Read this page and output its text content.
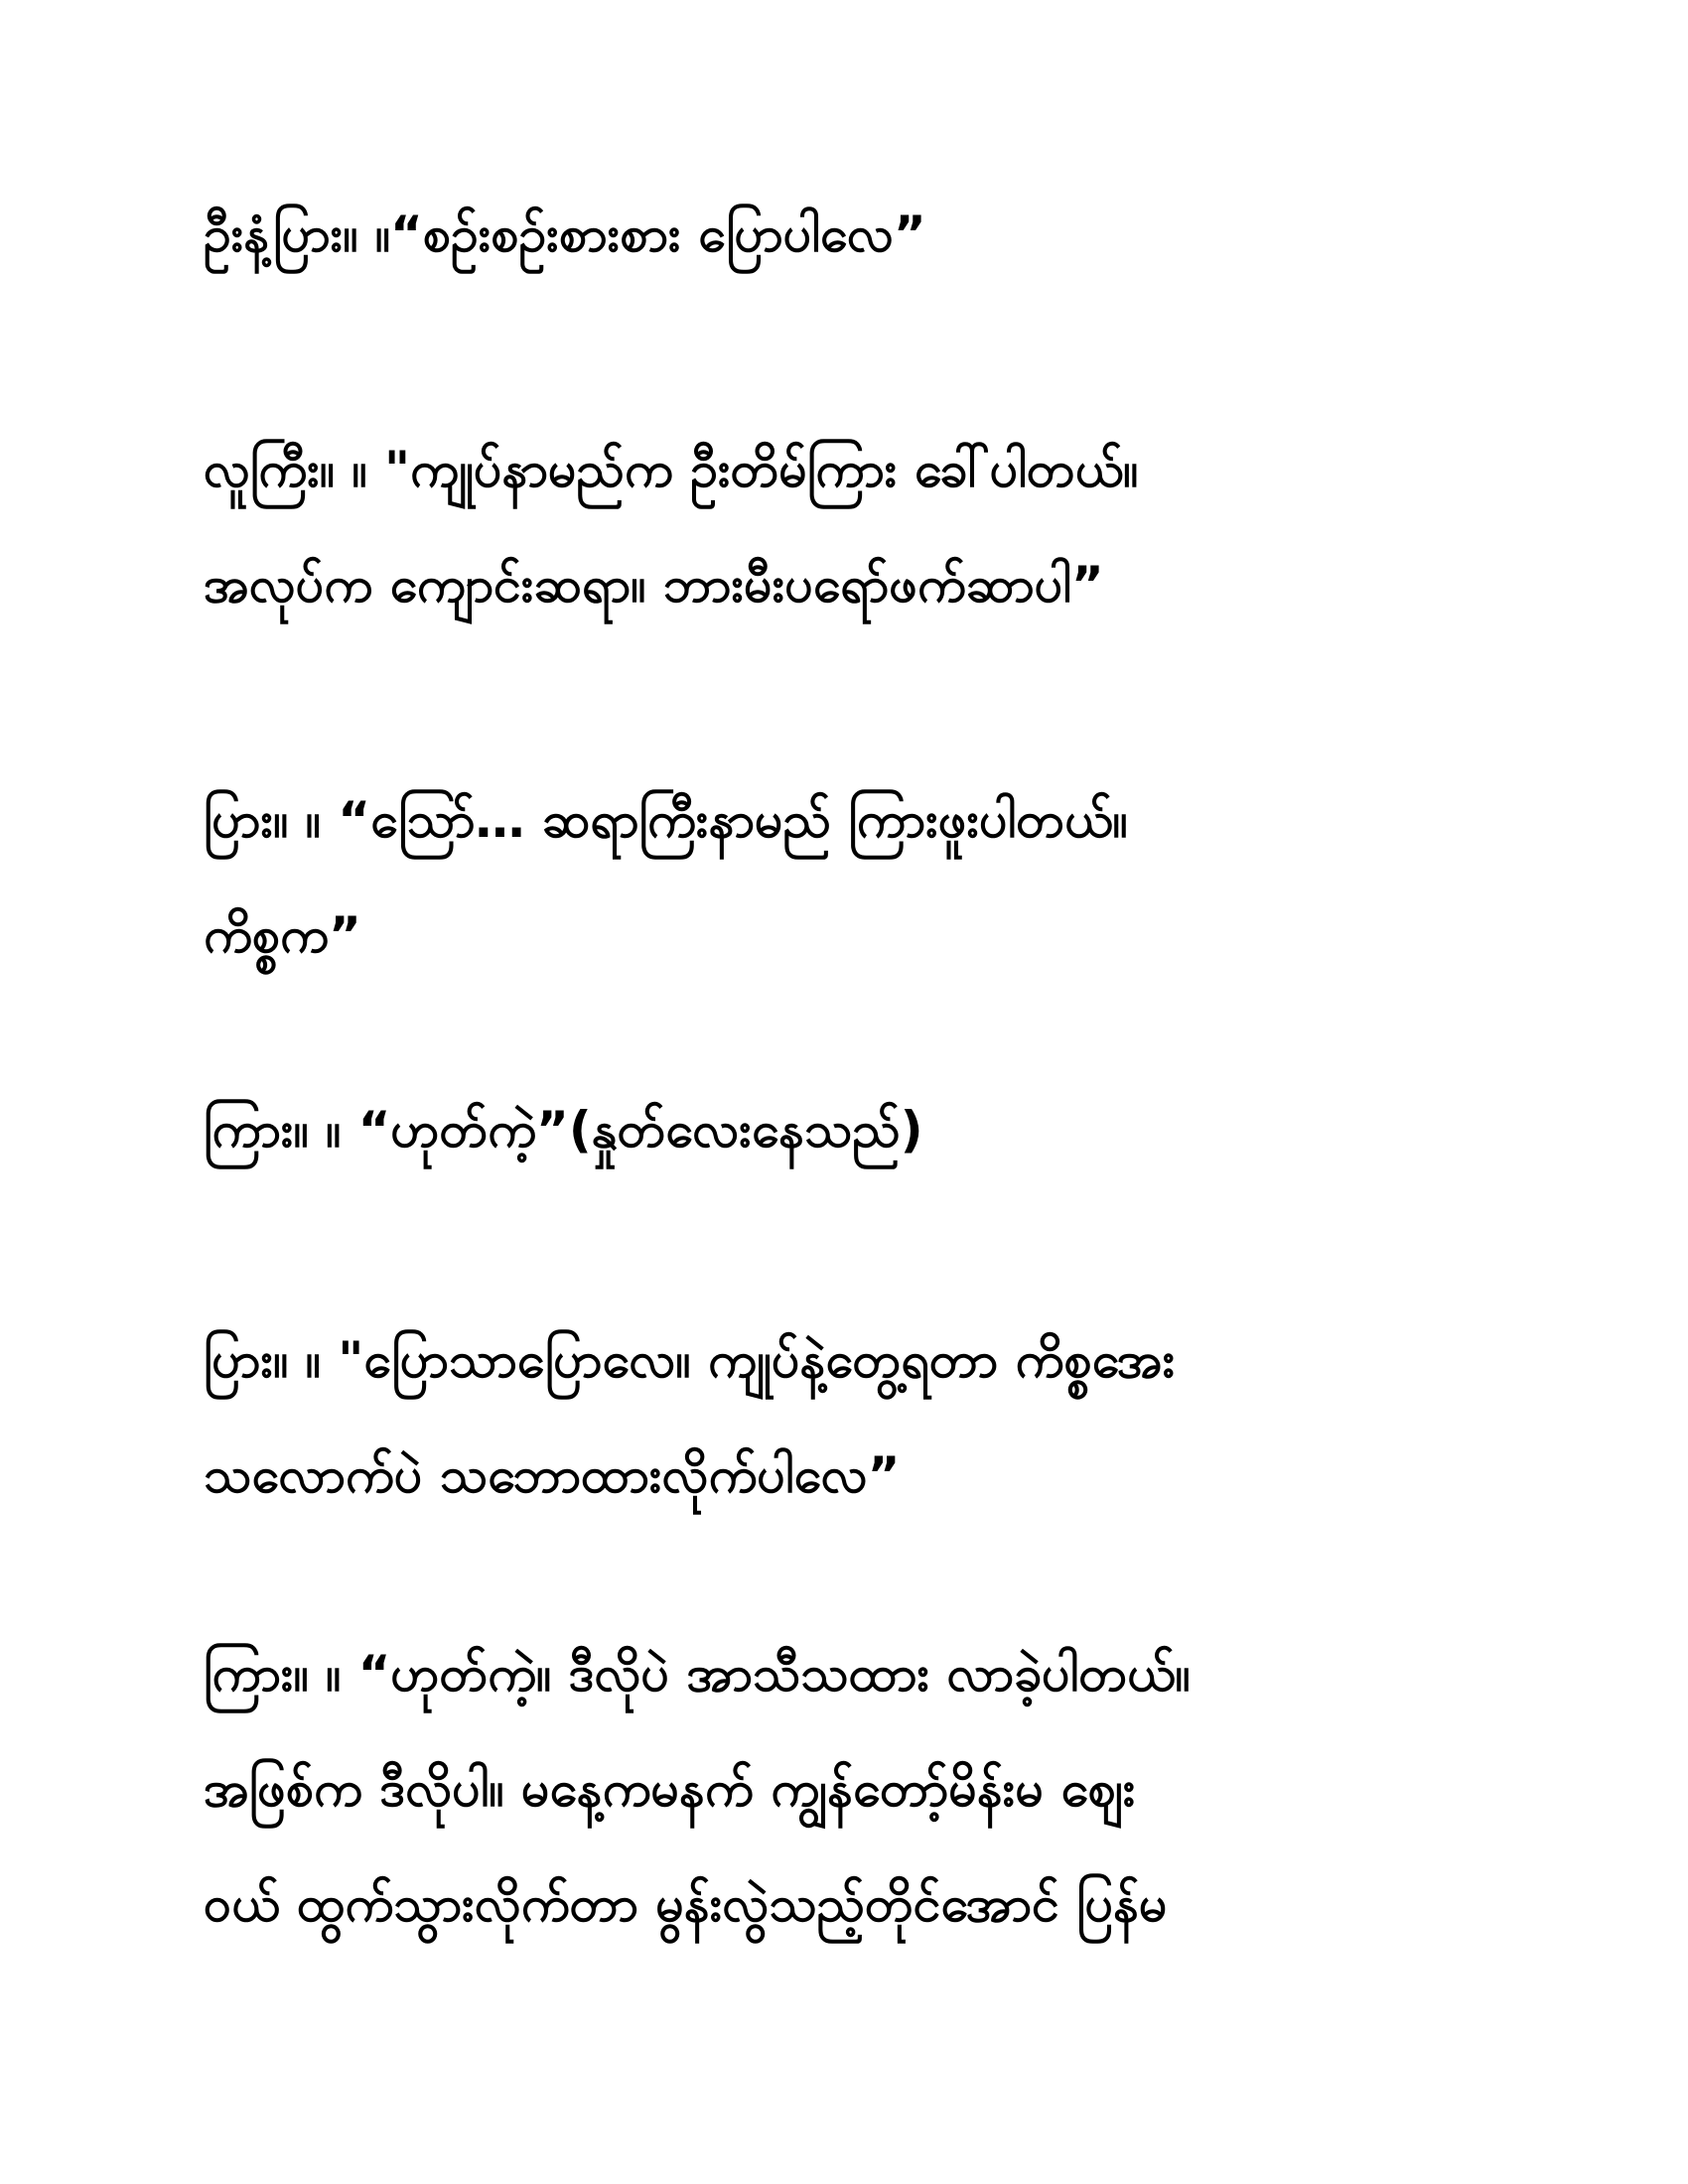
ဦးနံ့ပြား။ ။“စဉ်းစဉ်းစားစား ပြောပါလေ”

လူကြီး။ ။ "ကျုပ်နာမည်က ဦးတိမ်ကြား ခေါ်ပါတယ်။
အလုပ်က ကျောင်းဆရာ။ ဘားမီးပရော်ဖက်ဆာပါ”

ပြား။ ။ “သြော်… ဆရာကြီးနာမည် ကြားဖူးပါတယ်။
ကိစ္စက”

ကြား။ ။ “ဟုတ်ကဲ့”(နှုတ်လေးနေသည်)

ပြား။ ။ "ပြောသာပြောလေ။ ကျုပ်နဲ့တွေ့ရတာ ကိစ္စအေး
သလောက်ပဲ သဘောထားလိုက်ပါလေ”

ကြား။ ။ “ဟုတ်ကဲ့။ ဒီလိုပဲ အာသီသထား လာခဲ့ပါတယ်။
အဖြစ်က ဒီလိုပါ။ မနေ့ကမနက် ကျွန်တော့်မိန်းမ ဈေး
ဝယ် ထွက်သွားလိုက်တာ မွန်းလွဲသည့်တိုင်အောင် ပြန်မ
